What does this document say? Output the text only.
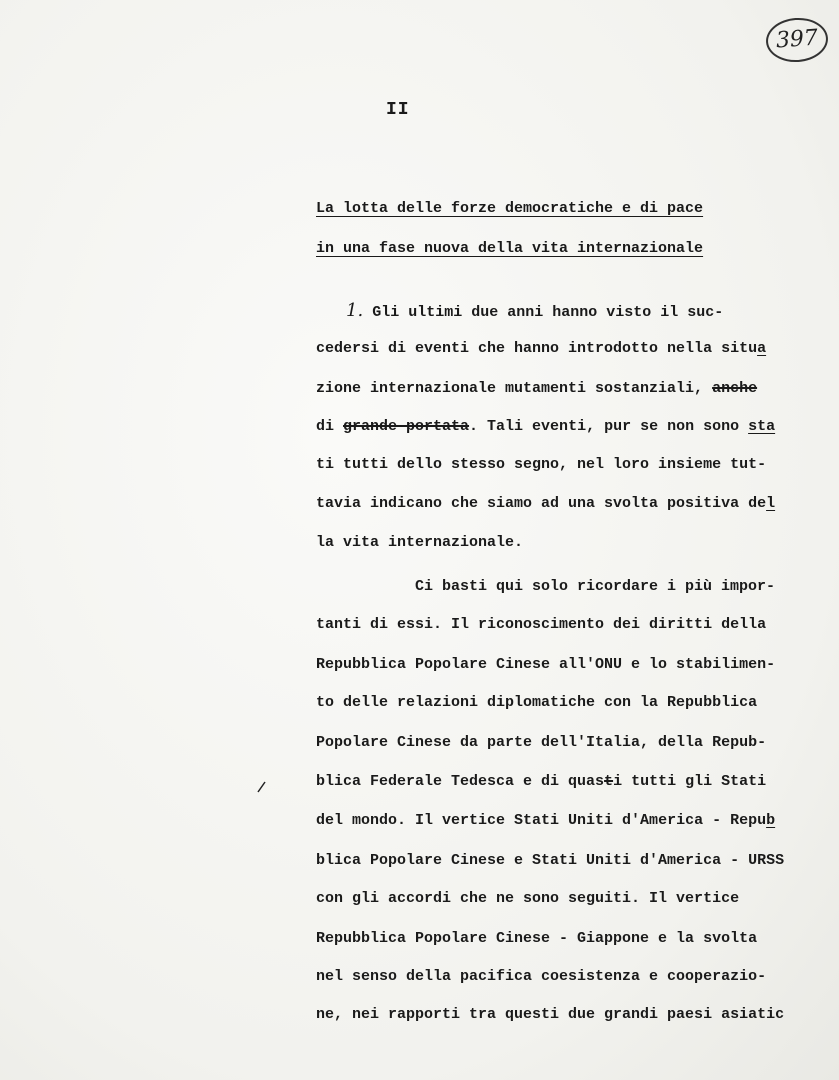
397
II
La lotta delle forze democratiche e di pace
in una fase nuova della vita internazionale
1. Gli ultimi due anni hanno visto il suc-
cedersi di eventi che hanno introdotto nella situa
zione internazionale mutamenti sostanziali, anche
di grande portata. Tali eventi, pur se non sono sta
ti tutti dello stesso segno, nel loro insieme tut-
tavia indicano che siamo ad una svolta positiva del
la vita internazionale.
Ci basti qui solo ricordare i più impor-
tanti di essi. Il riconoscimento dei diritti della
Repubblica Popolare Cinese all'ONU e lo stabilimen-
to delle relazioni diplomatiche con la Repubblica
Popolare Cinese da parte dell'Italia, della Repub-
blica Federale Tedesca e di quasti tutti gli Stati
del mondo. Il vertice Stati Uniti d'America - Repub
blica Popolare Cinese e Stati Uniti d'America - URSS
con gli accordi che ne sono seguiti. Il vertice
Repubblica Popolare Cinese - Giappone e la svolta
nel senso della pacifica coesistenza e cooperazio-
ne, nei rapporti tra questi due grandi paesi asiatic
